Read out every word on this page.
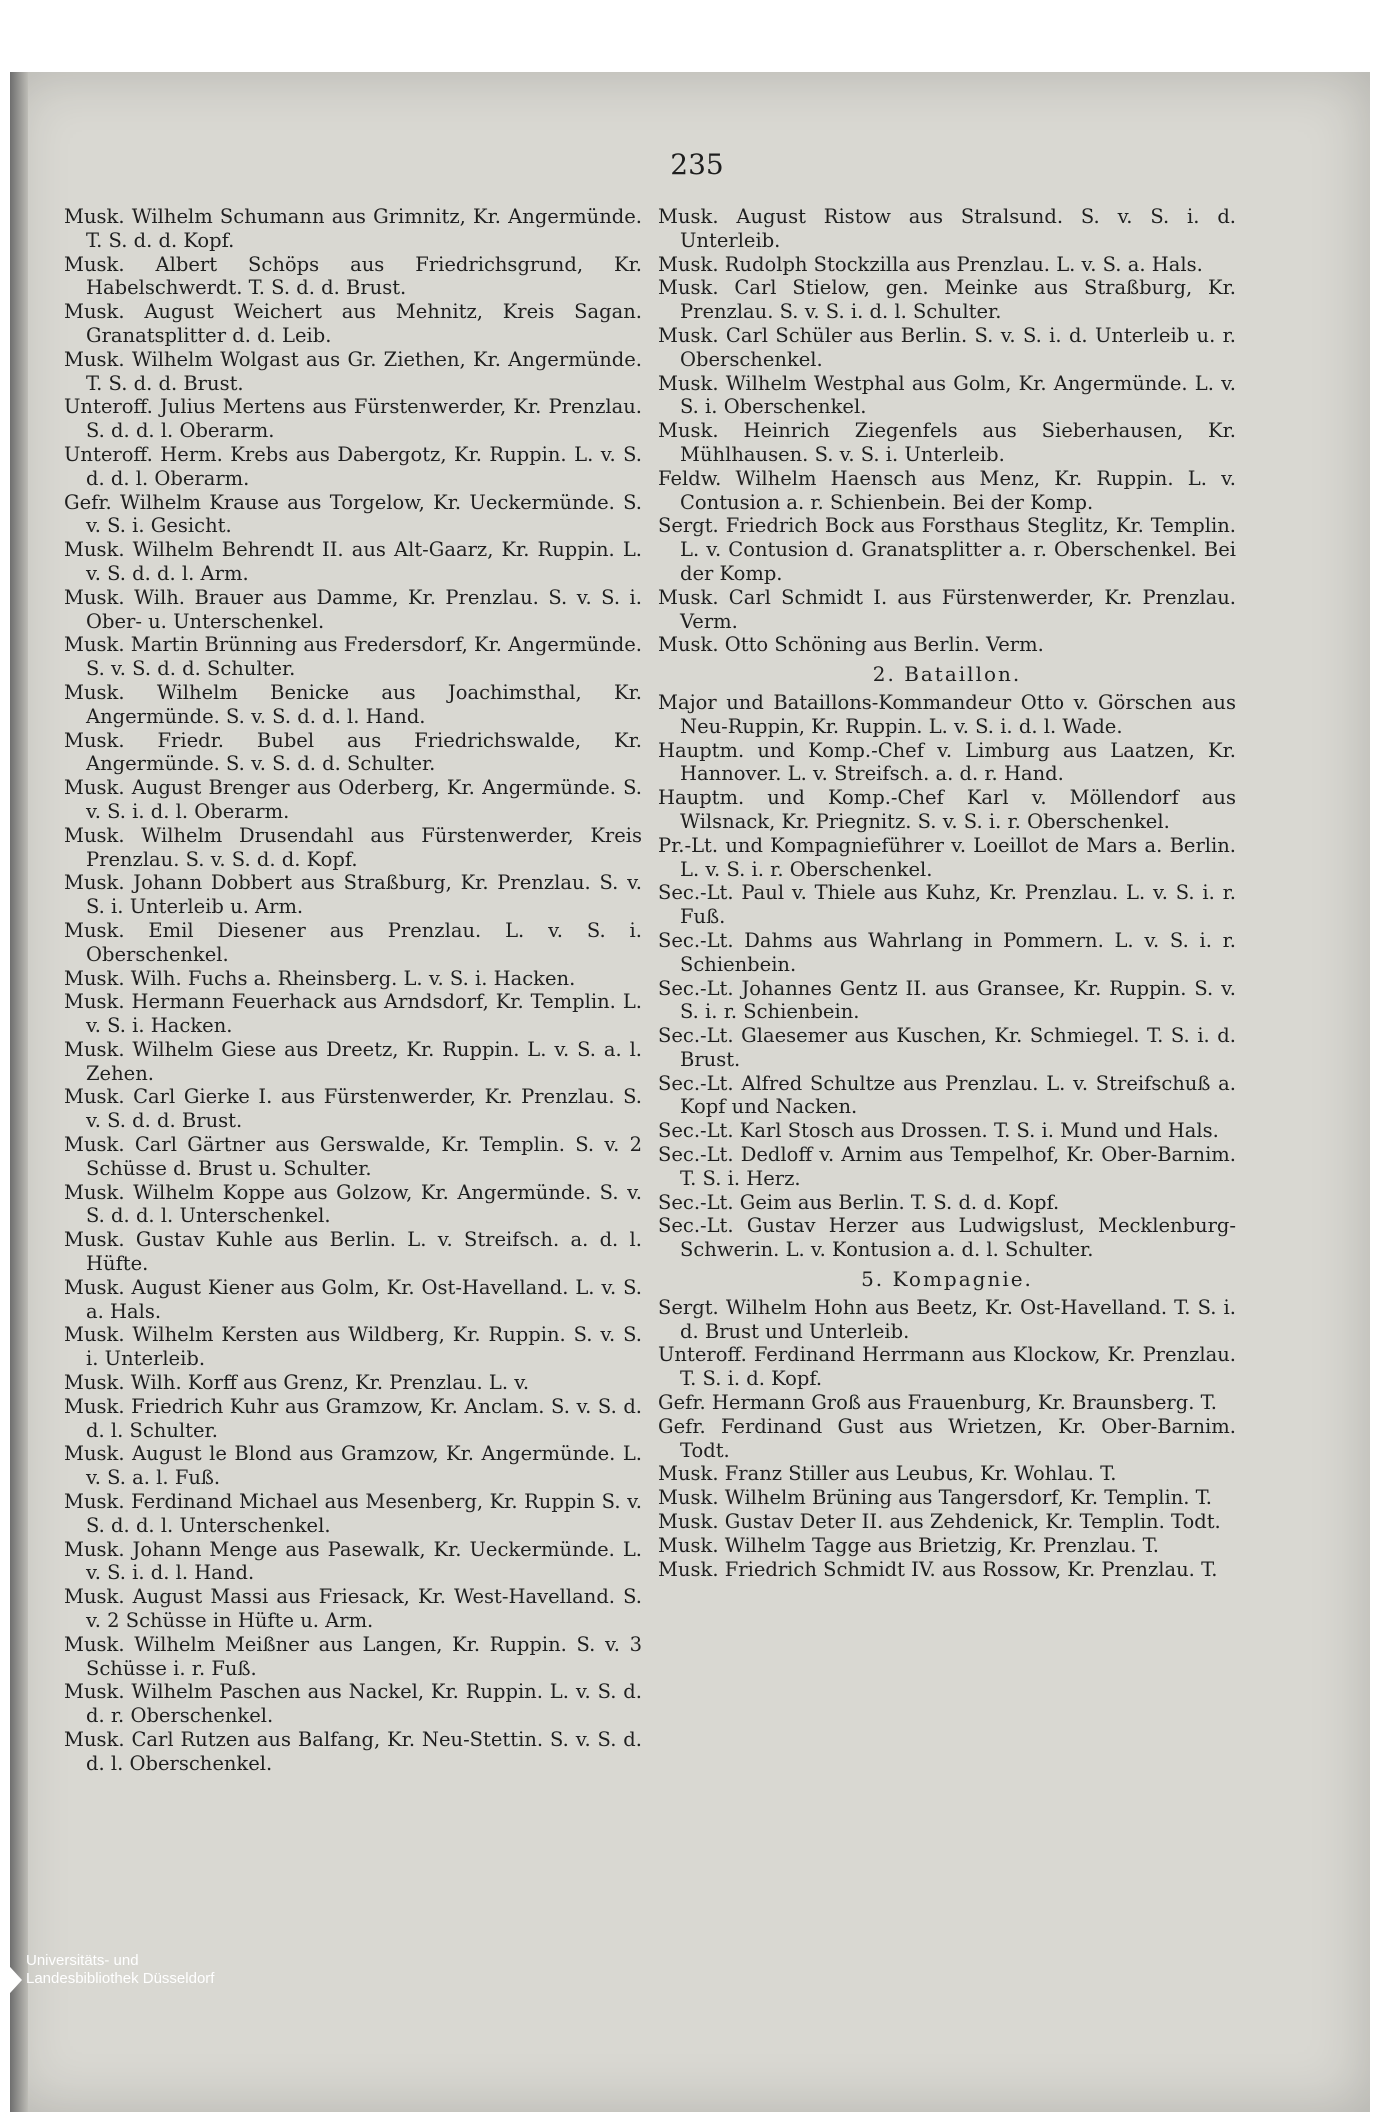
235

Musk. Wilhelm Schumann aus Grimnitz, Kr. Angermünde. T. S. d. d. Kopf.

Musk. Albert Schöps aus Friedrichsgrund, Kr. Habelschwerdt. T. S. d. d. Brust.

Musk. August Weichert aus Mehnitz, Kreis Sagan. Granatsplitter d. d. Leib.

Musk. Wilhelm Wolgast aus Gr. Ziethen, Kr. Angermünde. T. S. d. d. Brust.

Unteroff. Julius Mertens aus Fürstenwerder, Kr. Prenzlau. S. d. d. l. Oberarm.

Unteroff. Herm. Krebs aus Dabergotz, Kr. Ruppin. L. v. S. d. d. l. Oberarm.

Gefr. Wilhelm Krause aus Torgelow, Kr. Ueckermünde. S. v. S. i. Gesicht.

Musk. Wilhelm Behrendt II. aus Alt-Gaarz, Kr. Ruppin. L. v. S. d. d. l. Arm.

Musk. Wilh. Brauer aus Damme, Kr. Prenzlau. S. v. S. i. Ober- u. Unterschenkel.

Musk. Martin Brünning aus Fredersdorf, Kr. Angermünde. S. v. S. d. d. Schulter.

Musk. Wilhelm Benicke aus Joachimsthal, Kr. Angermünde. S. v. S. d. d. l. Hand.

Musk. Friedr. Bubel aus Friedrichswalde, Kr. Angermünde. S. v. S. d. d. Schulter.

Musk. August Brenger aus Oderberg, Kr. Angermünde. S. v. S. i. d. l. Oberarm.

Musk. Wilhelm Drusendahl aus Fürstenwerder, Kreis Prenzlau. S. v. S. d. d. Kopf.

Musk. Johann Dobbert aus Straßburg, Kr. Prenzlau. S. v. S. i. Unterleib u. Arm.

Musk. Emil Diesener aus Prenzlau. L. v. S. i. Oberschenkel.

Musk. Wilh. Fuchs a. Rheinsberg. L. v. S. i. Hacken.

Musk. Hermann Feuerhack aus Arndsdorf, Kr. Templin. L. v. S. i. Hacken.

Musk. Wilhelm Giese aus Dreetz, Kr. Ruppin. L. v. S. a. l. Zehen.

Musk. Carl Gierke I. aus Fürstenwerder, Kr. Prenzlau. S. v. S. d. d. Brust.

Musk. Carl Gärtner aus Gerswalde, Kr. Templin. S. v. 2 Schüsse d. Brust u. Schulter.

Musk. Wilhelm Koppe aus Golzow, Kr. Angermünde. S. v. S. d. d. l. Unterschenkel.

Musk. Gustav Kuhle aus Berlin. L. v. Streifsch. a. d. l. Hüfte.

Musk. August Kiener aus Golm, Kr. Ost-Havelland. L. v. S. a. Hals.

Musk. Wilhelm Kersten aus Wildberg, Kr. Ruppin. S. v. S. i. Unterleib.

Musk. Wilh. Korff aus Grenz, Kr. Prenzlau. L. v.

Musk. Friedrich Kuhr aus Gramzow, Kr. Anclam. S. v. S. d. d. l. Schulter.

Musk. August le Blond aus Gramzow, Kr. Angermünde. L. v. S. a. l. Fuß.

Musk. Ferdinand Michael aus Mesenberg, Kr. Ruppin S. v. S. d. d. l. Unterschenkel.

Musk. Johann Menge aus Pasewalk, Kr. Ueckermünde. L. v. S. i. d. l. Hand.

Musk. August Massi aus Friesack, Kr. West-Havelland. S. v. 2 Schüsse in Hüfte u. Arm.

Musk. Wilhelm Meißner aus Langen, Kr. Ruppin. S. v. 3 Schüsse i. r. Fuß.

Musk. Wilhelm Paschen aus Nackel, Kr. Ruppin. L. v. S. d. d. r. Oberschenkel.

Musk. Carl Rutzen aus Balfang, Kr. Neu-Stettin. S. v. S. d. d. l. Oberschenkel.

Musk. August Ristow aus Stralsund. S. v. S. i. d. Unterleib.

Musk. Rudolph Stockzilla aus Prenzlau. L. v. S. a. Hals.

Musk. Carl Stielow, gen. Meinke aus Straßburg, Kr. Prenzlau. S. v. S. i. d. l. Schulter.

Musk. Carl Schüler aus Berlin. S. v. S. i. d. Unterleib u. r. Oberschenkel.

Musk. Wilhelm Westphal aus Golm, Kr. Angermünde. L. v. S. i. Oberschenkel.

Musk. Heinrich Ziegenfels aus Sieberhausen, Kr. Mühlhausen. S. v. S. i. Unterleib.

Feldw. Wilhelm Haensch aus Menz, Kr. Ruppin. L. v. Contusion a. r. Schienbein. Bei der Komp.

Sergt. Friedrich Bock aus Forsthaus Steglitz, Kr. Templin. L. v. Contusion d. Granatsplitter a. r. Oberschenkel. Bei der Komp.

Musk. Carl Schmidt I. aus Fürstenwerder, Kr. Prenzlau. Verm.

Musk. Otto Schöning aus Berlin. Verm.

2. Bataillon.

Major und Bataillons-Kommandeur Otto v. Görschen aus Neu-Ruppin, Kr. Ruppin. L. v. S. i. d. l. Wade.

Hauptm. und Komp.-Chef v. Limburg aus Laatzen, Kr. Hannover. L. v. Streifsch. a. d. r. Hand.

Hauptm. und Komp.-Chef Karl v. Möllendorf aus Wilsnack, Kr. Priegnitz. S. v. S. i. r. Oberschenkel.

Pr.-Lt. und Kompagnieführer v. Loeillot de Mars a. Berlin. L. v. S. i. r. Oberschenkel.

Sec.-Lt. Paul v. Thiele aus Kuhz, Kr. Prenzlau. L. v. S. i. r. Fuß.

Sec.-Lt. Dahms aus Wahrlang in Pommern. L. v. S. i. r. Schienbein.

Sec.-Lt. Johannes Gentz II. aus Gransee, Kr. Ruppin. S. v. S. i. r. Schienbein.

Sec.-Lt. Glaesemer aus Kuschen, Kr. Schmiegel. T. S. i. d. Brust.

Sec.-Lt. Alfred Schultze aus Prenzlau. L. v. Streifschuß a. Kopf und Nacken.

Sec.-Lt. Karl Stosch aus Drossen. T. S. i. Mund und Hals.

Sec.-Lt. Dedloff v. Arnim aus Tempelhof, Kr. Ober-Barnim. T. S. i. Herz.

Sec.-Lt. Geim aus Berlin. T. S. d. d. Kopf.

Sec.-Lt. Gustav Herzer aus Ludwigslust, Mecklenburg-Schwerin. L. v. Kontusion a. d. l. Schulter.

5. Kompagnie.

Sergt. Wilhelm Hohn aus Beetz, Kr. Ost-Havelland. T. S. i. d. Brust und Unterleib.

Unteroff. Ferdinand Herrmann aus Klockow, Kr. Prenzlau. T. S. i. d. Kopf.

Gefr. Hermann Groß aus Frauenburg, Kr. Braunsberg. T.

Gefr. Ferdinand Gust aus Wrietzen, Kr. Ober-Barnim. Todt.

Musk. Franz Stiller aus Leubus, Kr. Wohlau. T.

Musk. Wilhelm Brüning aus Tangersdorf, Kr. Templin. T.

Musk. Gustav Deter II. aus Zehdenick, Kr. Templin. Todt.

Musk. Wilhelm Tagge aus Brietzig, Kr. Prenzlau. T.

Musk. Friedrich Schmidt IV. aus Rossow, Kr. Prenzlau. T.

Universitäts- und
Landesbibliothek Düsseldorf
